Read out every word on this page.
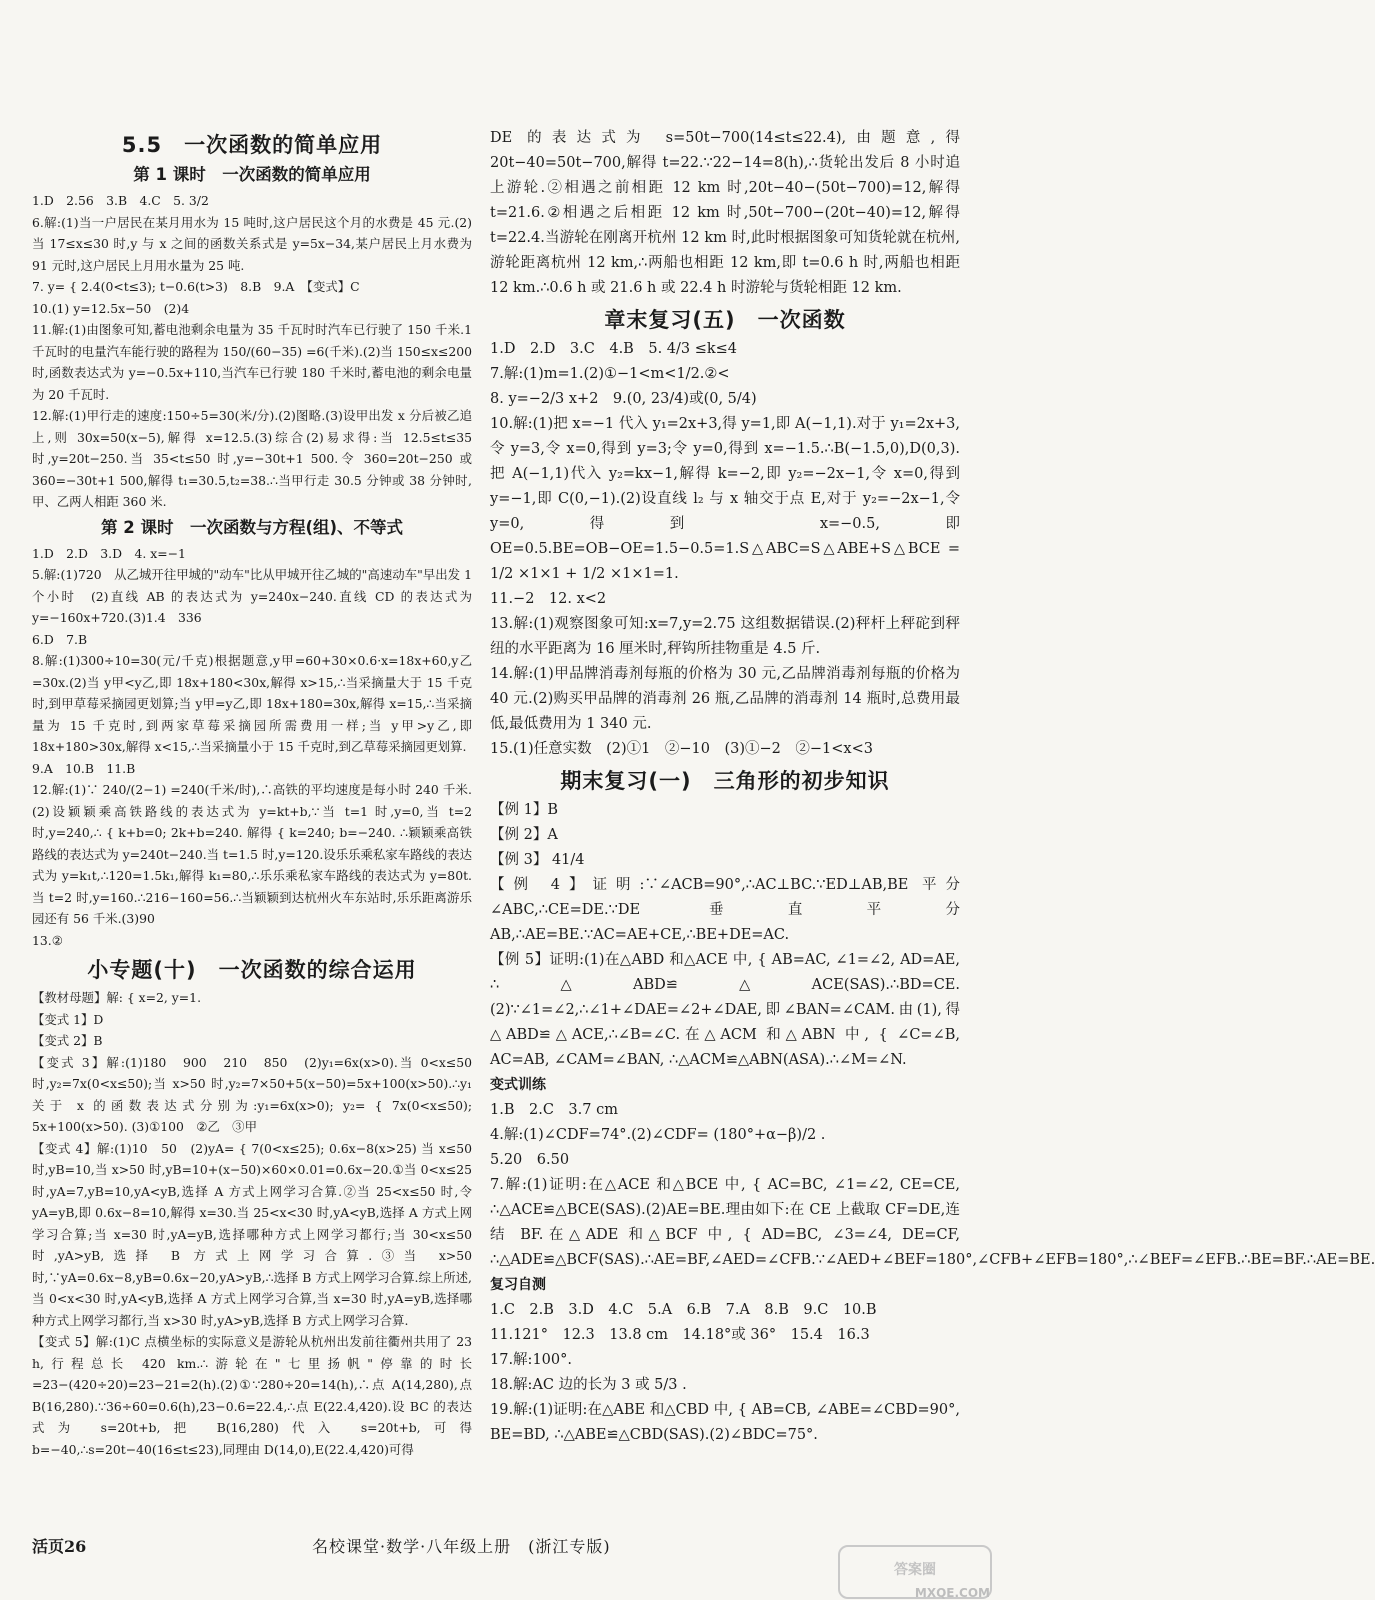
5.5　一次函数的简单应用
第 1 课时　一次函数的简单应用
1.D　2.56　3.B　4.C　5. 3/2
6.解:(1)当一户居民在某月用水为 15 吨时,这户居民这个月的水费是 45 元.(2)当 17≤x≤30 时,y 与 x 之间的函数关系式是 y=5x−34,某户居民上月水费为 91 元时,这户居民上月用水量为 25 吨.
7. y= { 2.4(0<t≤3); t−0.6(t>3)　8.B　9.A　【变式】C
10.(1) y=12.5x−50　(2)4
11.解:(1)由图象可知,蓄电池剩余电量为 35 千瓦时时汽车已行驶了 150 千米.1 千瓦时的电量汽车能行驶的路程为 150/(60−35) =6(千米).(2)当 150≤x≤200 时,函数表达式为 y=−0.5x+110,当汽车已行驶 180 千米时,蓄电池的剩余电量为 20 千瓦时.
12.解:(1)甲行走的速度:150÷5=30(米/分).(2)图略.(3)设甲出发 x 分后被乙追上,则 30x=50(x−5),解得 x=12.5.(3)综合(2)易求得:当 12.5≤t≤35 时,y=20t−250.当 35<t≤50 时,y=−30t+1 500.令 360=20t−250 或 360=−30t+1 500,解得 t₁=30.5,t₂=38.∴当甲行走 30.5 分钟或 38 分钟时,甲、乙两人相距 360 米.
第 2 课时　一次函数与方程(组)、不等式
1.D　2.D　3.D　4. x=−1
5.解:(1)720　从乙城开往甲城的"动车"比从甲城开往乙城的"高速动车"早出发 1 个小时　(2)直线 AB 的表达式为 y=240x−240.直线 CD 的表达式为 y=−160x+720.(3)1.4　336
6.D　7.B
8.解:(1)300÷10=30(元/千克)根据题意,y甲=60+30×0.6·x=18x+60,y乙=30x.(2)当 y甲<y乙,即 18x+180<30x,解得 x>15,∴当采摘量大于 15 千克时,到甲草莓采摘园更划算;当 y甲=y乙,即 18x+180=30x,解得 x=15,∴当采摘量为 15 千克时,到两家草莓采摘园所需费用一样;当 y甲>y乙,即 18x+180>30x,解得 x<15,∴当采摘量小于 15 千克时,到乙草莓采摘园更划算.
9.A　10.B　11.B
12.解:(1)∵ 240/(2−1) =240(千米/时),∴高铁的平均速度是每小时 240 千米.(2)设颖颖乘高铁路线的表达式为 y=kt+b,∵当 t=1 时,y=0,当 t=2 时,y=240,∴ { k+b=0; 2k+b=240. 解得 { k=240; b=−240. ∴颖颖乘高铁路线的表达式为 y=240t−240.当 t=1.5 时,y=120.设乐乐乘私家车路线的表达式为 y=k₁t,∴120=1.5k₁,解得 k₁=80,∴乐乐乘私家车路线的表达式为 y=80t.当 t=2 时,y=160.∴216−160=56.∴当颖颖到达杭州火车东站时,乐乐距离游乐园还有 56 千米.(3)90
13.②
小专题(十)　一次函数的综合运用
【教材母题】解: { x=2, y=1.
【变式 1】D
【变式 2】B
【变式 3】解:(1)180　900　210　850　(2)y₁=6x(x>0).当 0<x≤50 时,y₂=7x(0<x≤50);当 x>50 时,y₂=7×50+5(x−50)=5x+100(x>50).∴y₁ 关于 x 的函数表达式分别为:y₁=6x(x>0); y₂= { 7x(0<x≤50); 5x+100(x>50). (3)①100　②乙　③甲
【变式 4】解:(1)10　50　(2)yA= { 7(0<x≤25); 0.6x−8(x>25) 当 x≤50 时,yB=10,当 x>50 时,yB=10+(x−50)×60×0.01=0.6x−20.①当 0<x≤25 时,yA=7,yB=10,yA<yB,选择 A 方式上网学习合算.②当 25<x≤50 时,令 yA=yB,即 0.6x−8=10,解得 x=30.当 25<x<30 时,yA<yB,选择 A 方式上网学习合算;当 x=30 时,yA=yB,选择哪种方式上网学习都行;当 30<x≤50 时,yA>yB,选择 B 方式上网学习合算.③当 x>50 时,∵yA=0.6x−8,yB=0.6x−20,yA>yB,∴选择 B 方式上网学习合算.综上所述,当 0<x<30 时,yA<yB,选择 A 方式上网学习合算,当 x=30 时,yA=yB,选择哪种方式上网学习都行,当 x>30 时,yA>yB,选择 B 方式上网学习合算.
【变式 5】解:(1)C 点横坐标的实际意义是游轮从杭州出发前往衢州共用了 23 h,行程总长 420 km.∴游轮在"七里扬帆"停靠的时长=23−(420÷20)=23−21=2(h).(2)①∵280÷20=14(h),∴点 A(14,280),点 B(16,280).∵36÷60=0.6(h),23−0.6=22.4,∴点 E(22.4,420).设 BC 的表达式为 s=20t+b,把 B(16,280)代入 s=20t+b,可得 b=−40,∴s=20t−40(16≤t≤23),同理由 D(14,0),E(22.4,420)可得
DE 的表达式为 s=50t−700(14≤t≤22.4),由题意,得 20t−40=50t−700,解得 t=22.∵22−14=8(h),∴货轮出发后 8 小时追上游轮.②相遇之前相距 12 km 时,20t−40−(50t−700)=12,解得 t=21.6.②相遇之后相距 12 km 时,50t−700−(20t−40)=12,解得 t=22.4.当游轮在刚离开杭州 12 km 时,此时根据图象可知货轮就在杭州,游轮距离杭州 12 km,∴两船也相距 12 km,即 t=0.6 h 时,两船也相距 12 km.∴0.6 h 或 21.6 h 或 22.4 h 时游轮与货轮相距 12 km.
章末复习(五)　一次函数
1.D　2.D　3.C　4.B　5. 4/3 ≤k≤4
7.解:(1)m=1.(2)①−1<m<1/2.②<
8. y=−2/3 x+2　9.(0, 23/4)或(0, 5/4)
10.解:(1)把 x=−1 代入 y₁=2x+3,得 y=1,即 A(−1,1).对于 y₁=2x+3,令 y=3,令 x=0,得到 y=3;令 y=0,得到 x=−1.5.∴B(−1.5,0),D(0,3).把 A(−1,1)代入 y₂=kx−1,解得 k=−2,即 y₂=−2x−1,令 x=0,得到 y=−1,即 C(0,−1).(2)设直线 l₂ 与 x 轴交于点 E,对于 y₂=−2x−1,令 y=0,得到 x=−0.5,即 OE=0.5.BE=OB−OE=1.5−0.5=1.S△ABC=S△ABE+S△BCE = 1/2 ×1×1 + 1/2 ×1×1=1.
11.−2　12. x<2
13.解:(1)观察图象可知:x=7,y=2.75 这组数据错误.(2)秤杆上秤砣到秤纽的水平距离为 16 厘米时,秤钩所挂物重是 4.5 斤.
14.解:(1)甲品牌消毒剂每瓶的价格为 30 元,乙品牌消毒剂每瓶的价格为 40 元.(2)购买甲品牌的消毒剂 26 瓶,乙品牌的消毒剂 14 瓶时,总费用最低,最低费用为 1 340 元.
15.(1)任意实数　(2)①1　②−10　(3)①−2　②−1<x<3
期末复习(一)　三角形的初步知识
【例 1】B
【例 2】A
【例 3】 41/4
【例 4】证明:∵∠ACB=90°,∴AC⊥BC.∵ED⊥AB,BE 平分∠ABC,∴CE=DE.∵DE 垂直平分 AB,∴AE=BE.∵AC=AE+CE,∴BE+DE=AC.
【例 5】证明:(1)在△ABD 和△ACE 中, { AB=AC, ∠1=∠2, AD=AE, ∴△ABD≌△ACE(SAS).∴BD=CE.(2)∵∠1=∠2,∴∠1+∠DAE=∠2+∠DAE,即∠BAN=∠CAM.由(1),得△ABD≌△ACE,∴∠B=∠C.在△ACM 和△ABN 中, { ∠C=∠B, AC=AB, ∠CAM=∠BAN, ∴△ACM≌△ABN(ASA).∴∠M=∠N.
变式训练
1.B　2.C　3.7 cm
4.解:(1)∠CDF=74°.(2)∠CDF= (180°+α−β)/2 .
5.20　6.50
7.解:(1)证明:在△ACE 和△BCE 中, { AC=BC, ∠1=∠2, CE=CE, ∴△ACE≌△BCE(SAS).(2)AE=BE.理由如下:在 CE 上截取 CF=DE,连结 BF.在△ADE 和△BCF 中, { AD=BC, ∠3=∠4, DE=CF, ∴△ADE≌△BCF(SAS).∴AE=BF,∠AED=∠CFB.∵∠AED+∠BEF=180°,∠CFB+∠EFB=180°,∴∠BEF=∠EFB.∴BE=BF.∴AE=BE.
复习自测
1.C　2.B　3.D　4.C　5.A　6.B　7.A　8.B　9.C　10.B
11.121°　12.3　13.8 cm　14.18°或 36°　15.4　16.3
17.解:100°.
18.解:AC 边的长为 3 或 5/3 .
19.解:(1)证明:在△ABE 和△CBD 中, { AB=CB, ∠ABE=∠CBD=90°, BE=BD, ∴△ABE≌△CBD(SAS).(2)∠BDC=75°.
活页26	名校课堂·数学·八年级上册　(浙江专版)
答案圈
MXQE.COM
